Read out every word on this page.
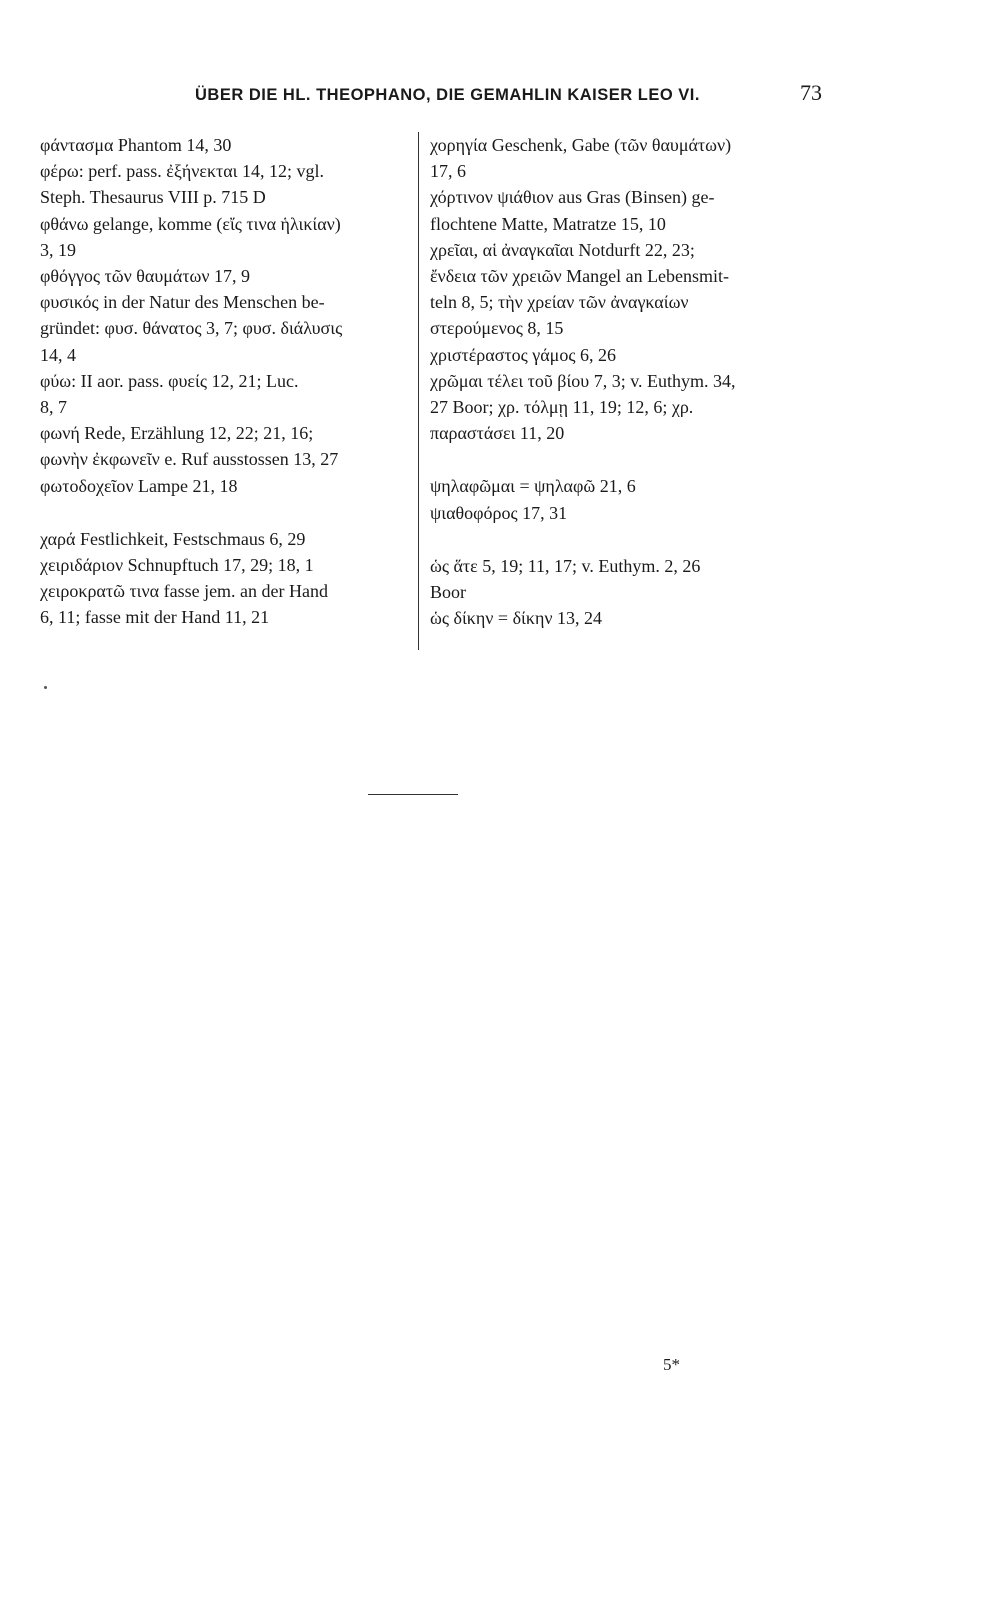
ÜBER DIE HL. THEOPHANO, DIE GEMAHLIN KAISER LEO VI.	73

φάντασμα Phantom 14, 30

φέρω: perf. pass. ἐξήνεκται 14, 12; vgl.
Steph. Thesaurus VIII p. 715 D

φθάνω gelange, komme (εἴς τινα ἡλικίαν)
3, 19

φθόγγος τῶν θαυμάτων 17, 9

φυσικός in der Natur des Menschen be-
gründet: φυσ. θάνατος 3, 7; φυσ. διάλυσις
14, 4

φύω: II aor. pass. φυείς 12, 21; Luc.
8, 7

φωνή Rede, Erzählung 12, 22; 21, 16;
φωνὴν ἐκφωνεῖν e. Ruf ausstossen 13, 27

φωτοδοχεῖον Lampe 21, 18

χαρά Festlichkeit, Festschmaus 6, 29

χειριδάριον Schnupftuch 17, 29; 18, 1

χειροκρατῶ τινα fasse jem. an der Hand
6, 11; fasse mit der Hand 11, 21

χορηγία Geschenk, Gabe (τῶν θαυμάτων)
17, 6

χόρτινον ψιάθιον aus Gras (Binsen) ge-
flochtene Matte, Matratze 15, 10

χρεῖαι, αἱ ἀναγκαῖαι Notdurft 22, 23;
ἔνδεια τῶν χρειῶν Mangel an Lebensmit-
teln 8, 5; τὴν χρείαν τῶν ἀναγκαίων
στερούμενος 8, 15

χριστέραστος γάμος 6, 26

χρῶμαι τέλει τοῦ βίου 7, 3; v. Euthym. 34,
27 Boor; χρ. τόλμῃ 11, 19; 12, 6; χρ.
παραστάσει 11, 20

ψηλαφῶμαι = ψηλαφῶ 21, 6

ψιαθοφόρος 17, 31

ὡς ἅτε 5, 19; 11, 17; v. Euthym. 2, 26
Boor

ὡς δίκην = δίκην 13, 24

5*
